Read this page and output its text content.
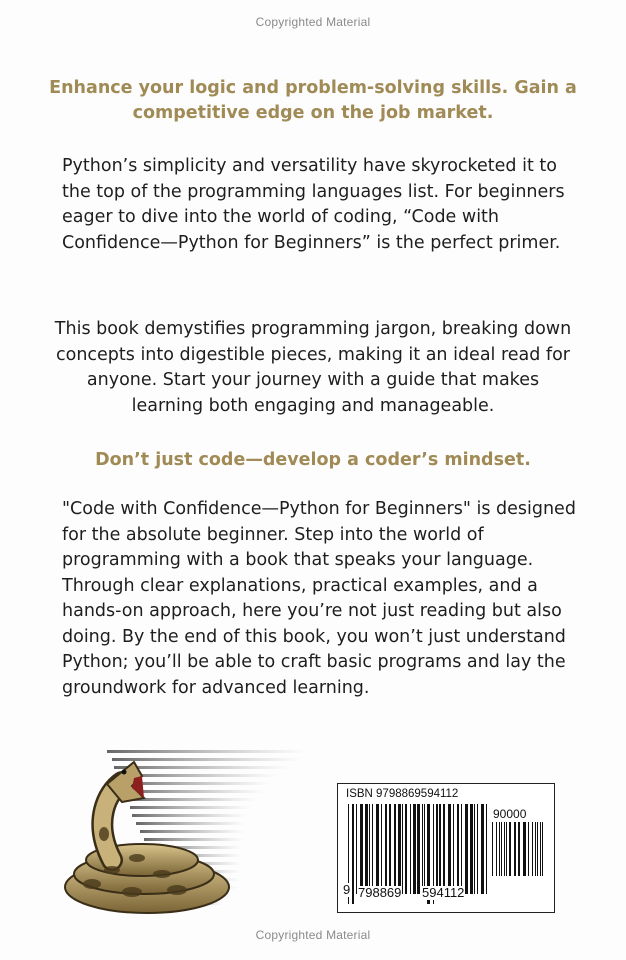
Copyrighted Material
Enhance your logic and problem-solving skills. Gain a competitive edge on the job market.
Python’s simplicity and versatility have skyrocketed it to the top of the programming languages list. For beginners eager to dive into the world of coding, “Code with Confidence—Python for Beginners” is the perfect primer.
This book demystifies programming jargon, breaking down concepts into digestible pieces, making it an ideal read for anyone. Start your journey with a guide that makes learning both engaging and manageable.
Don’t just code—develop a coder’s mindset.
"Code with Confidence—Python for Beginners" is designed for the absolute beginner. Step into the world of programming with a book that speaks your language. Through clear explanations, practical examples, and a hands-on approach, here you’re not just reading but also doing. By the end of this book, you won’t just understand Python; you’ll be able to craft basic programs and lay the groundwork for advanced learning.
ISBN 9798869594112
90000
9 798869 594112
Copyrighted Material
